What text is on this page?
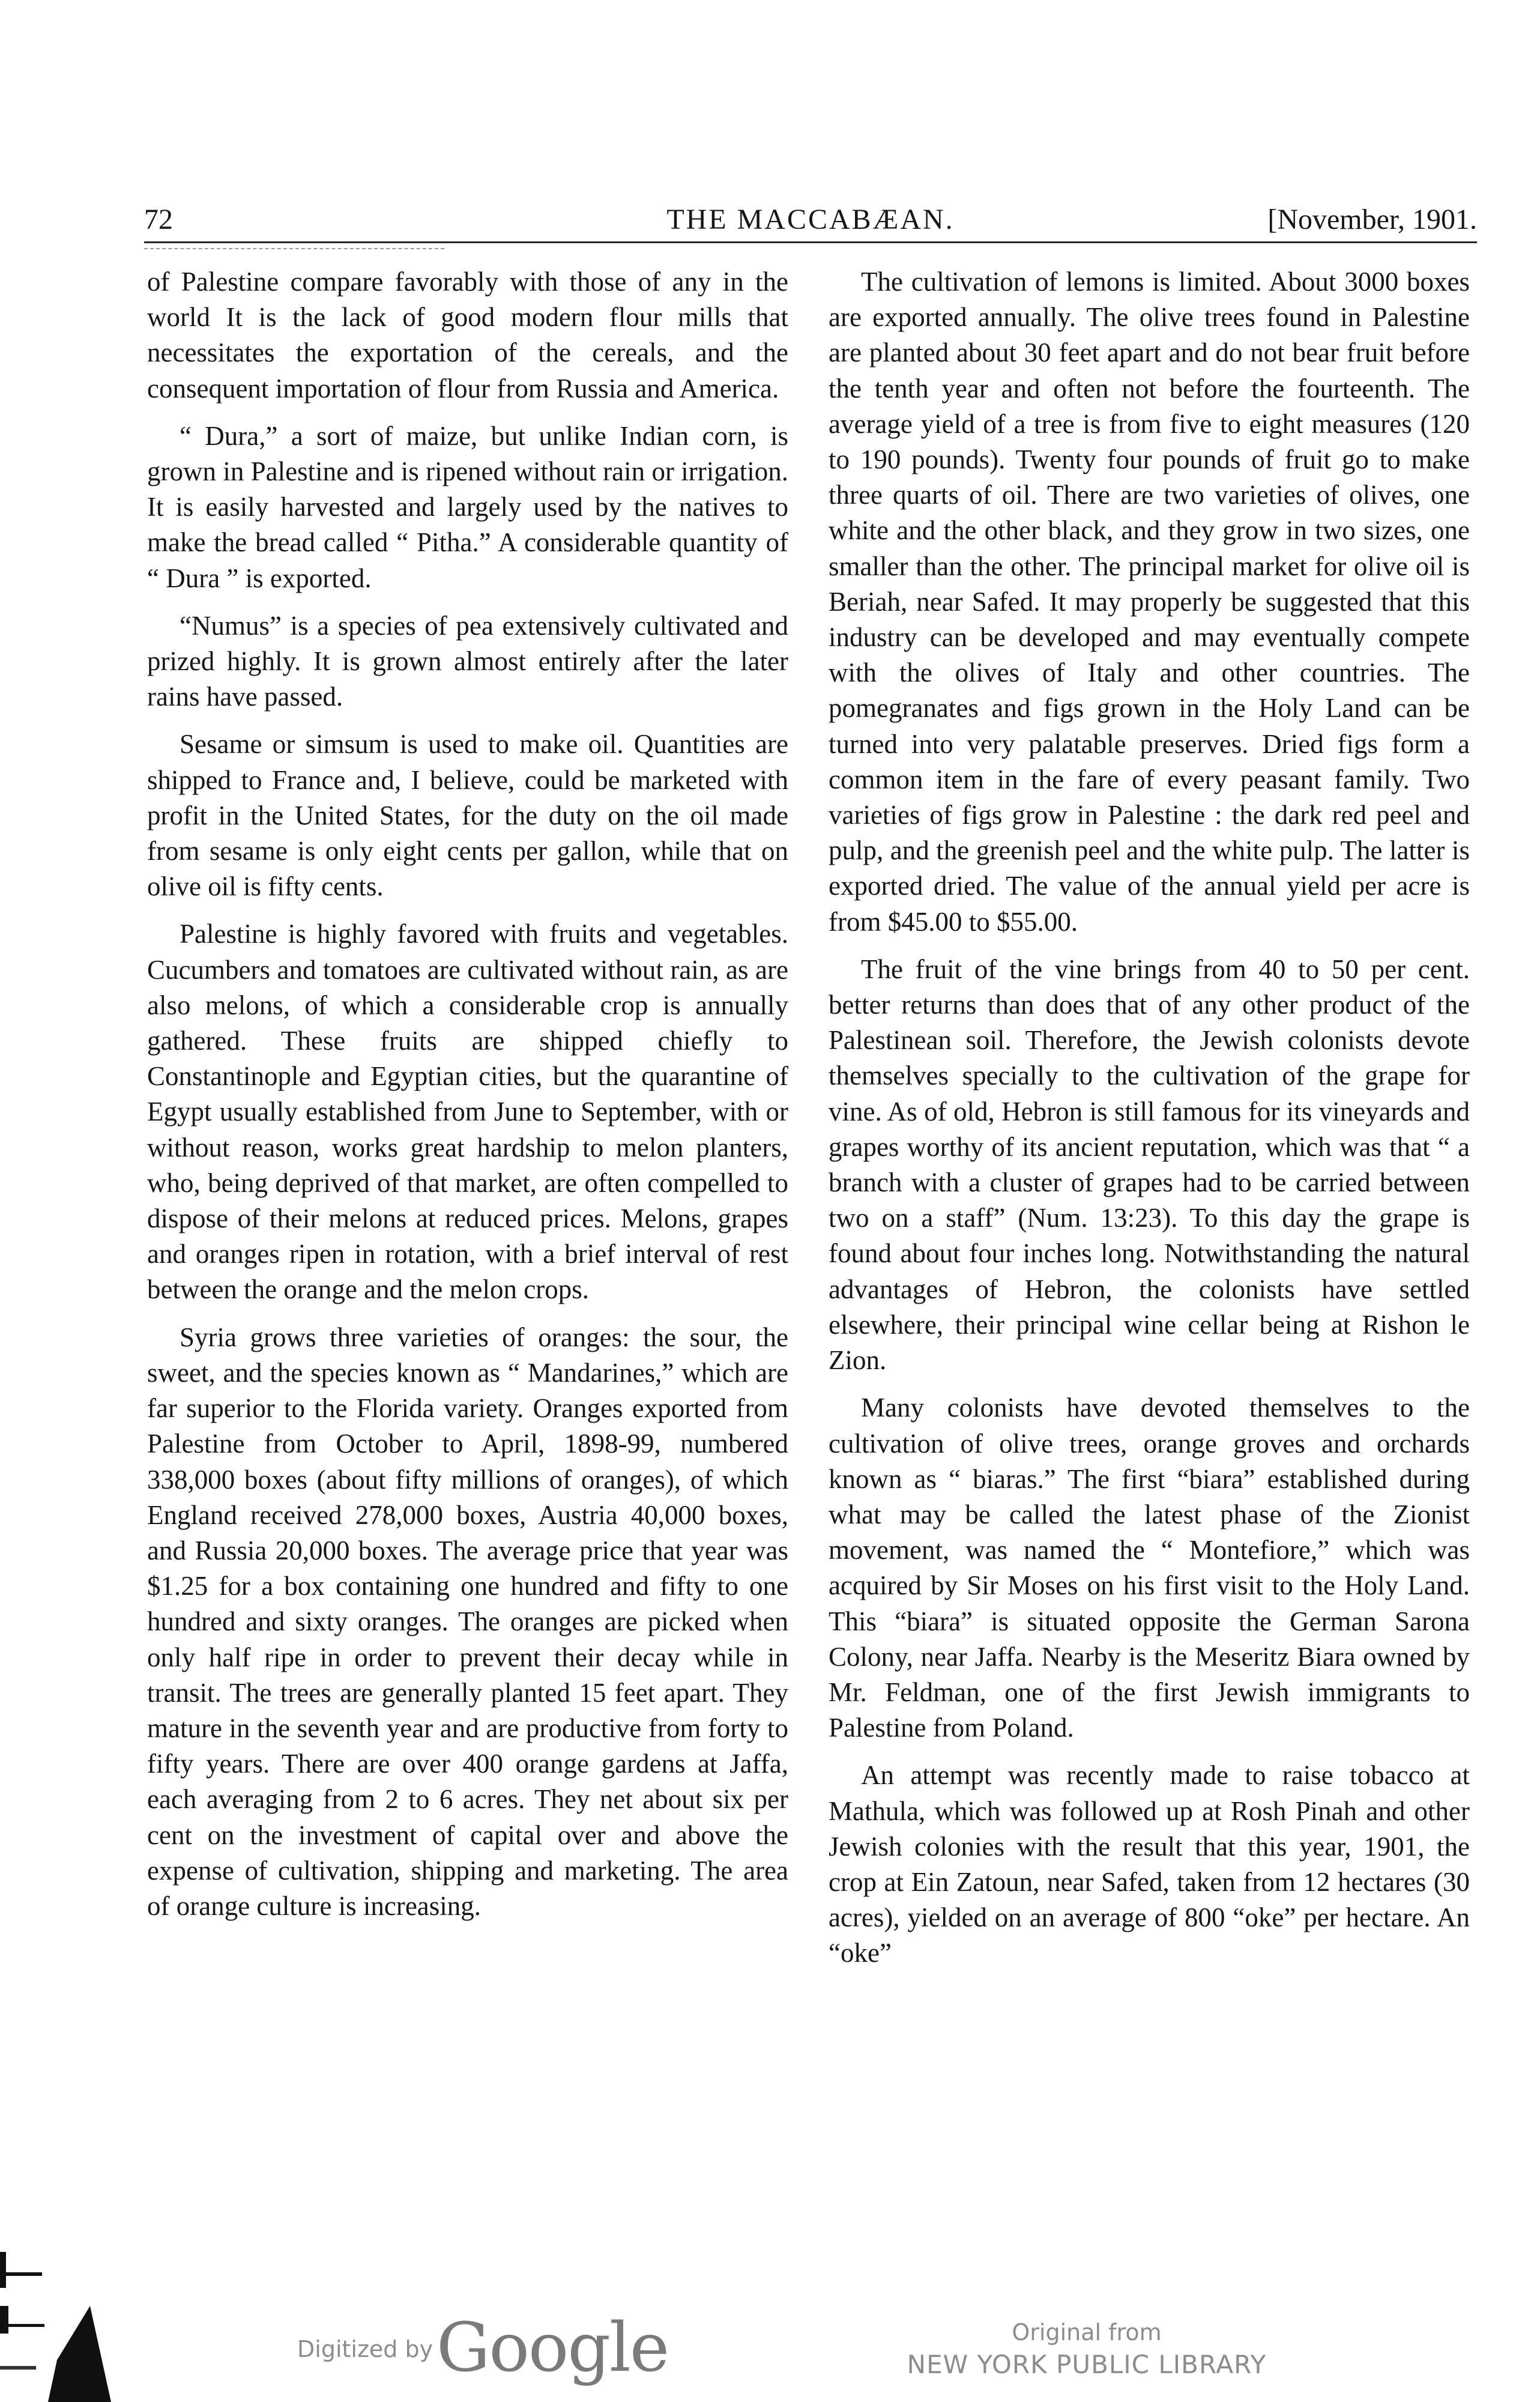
72	THE MACCABÆAN.	[November, 1901.

of Palestine compare favorably with those of any in the world It is the lack of good modern flour mills that necessitates the exportation of the cereals, and the consequent importation of flour from Russia and America.

“ Dura,” a sort of maize, but unlike Indian corn, is grown in Palestine and is ripened without rain or irrigation. It is easily harvested and largely used by the natives to make the bread called “ Pitha.” A considerable quantity of “ Dura ” is exported.

“Numus” is a species of pea extensively cultivated and prized highly. It is grown almost entirely after the later rains have passed.

Sesame or simsum is used to make oil. Quantities are shipped to France and, I believe, could be marketed with profit in the United States, for the duty on the oil made from sesame is only eight cents per gallon, while that on olive oil is fifty cents.

Palestine is highly favored with fruits and vegetables. Cucumbers and tomatoes are cultivated without rain, as are also melons, of which a considerable crop is annually gathered. These fruits are shipped chiefly to Constantinople and Egyptian cities, but the quarantine of Egypt usually established from June to September, with or without reason, works great hardship to melon planters, who, being deprived of that market, are often compelled to dispose of their melons at reduced prices. Melons, grapes and oranges ripen in rotation, with a brief interval of rest between the orange and the melon crops.

Syria grows three varieties of oranges: the sour, the sweet, and the species known as “ Mandarines,” which are far superior to the Florida variety. Oranges exported from Palestine from October to April, 1898-99, numbered 338,000 boxes (about fifty millions of oranges), of which England received 278,000 boxes, Austria 40,000 boxes, and Russia 20,000 boxes. The average price that year was $1.25 for a box containing one hundred and fifty to one hundred and sixty oranges. The oranges are picked when only half ripe in order to prevent their decay while in transit. The trees are generally planted 15 feet apart. They mature in the seventh year and are productive from forty to fifty years. There are over 400 orange gardens at Jaffa, each averaging from 2 to 6 acres. They net about six per cent on the investment of capital over and above the expense of cultivation, shipping and marketing. The area of orange culture is increasing.

The cultivation of lemons is limited. About 3000 boxes are exported annually. The olive trees found in Palestine are planted about 30 feet apart and do not bear fruit before the tenth year and often not before the fourteenth. The average yield of a tree is from five to eight measures (120 to 190 pounds). Twenty four pounds of fruit go to make three quarts of oil. There are two varieties of olives, one white and the other black, and they grow in two sizes, one smaller than the other. The principal market for olive oil is Beriah, near Safed. It may properly be suggested that this industry can be developed and may eventually compete with the olives of Italy and other countries. The pomegranates and figs grown in the Holy Land can be turned into very palatable preserves. Dried figs form a common item in the fare of every peasant family. Two varieties of figs grow in Palestine : the dark red peel and pulp, and the greenish peel and the white pulp. The latter is exported dried. The value of the annual yield per acre is from $45.00 to $55.00.

The fruit of the vine brings from 40 to 50 per cent. better returns than does that of any other product of the Palestinean soil. Therefore, the Jewish colonists devote themselves specially to the cultivation of the grape for vine. As of old, Hebron is still famous for its vineyards and grapes worthy of its ancient reputation, which was that “ a branch with a cluster of grapes had to be carried between two on a staff” (Num. 13:23). To this day the grape is found about four inches long. Notwithstanding the natural advantages of Hebron, the colonists have settled elsewhere, their principal wine cellar being at Rishon le Zion.

Many colonists have devoted themselves to the cultivation of olive trees, orange groves and orchards known as “ biaras.” The first “biara” established during what may be called the latest phase of the Zionist movement, was named the “ Montefiore,” which was acquired by Sir Moses on his first visit to the Holy Land. This “biara” is situated opposite the German Sarona Colony, near Jaffa. Nearby is the Meseritz Biara owned by Mr. Feldman, one of the first Jewish immigrants to Palestine from Poland.

An attempt was recently made to raise tobacco at Mathula, which was followed up at Rosh Pinah and other Jewish colonies with the result that this year, 1901, the crop at Ein Zatoun, near Safed, taken from 12 hectares (30 acres), yielded on an average of 800 “oke” per hectare. An “oke”

Digitized by Google	Original from
NEW YORK PUBLIC LIBRARY
